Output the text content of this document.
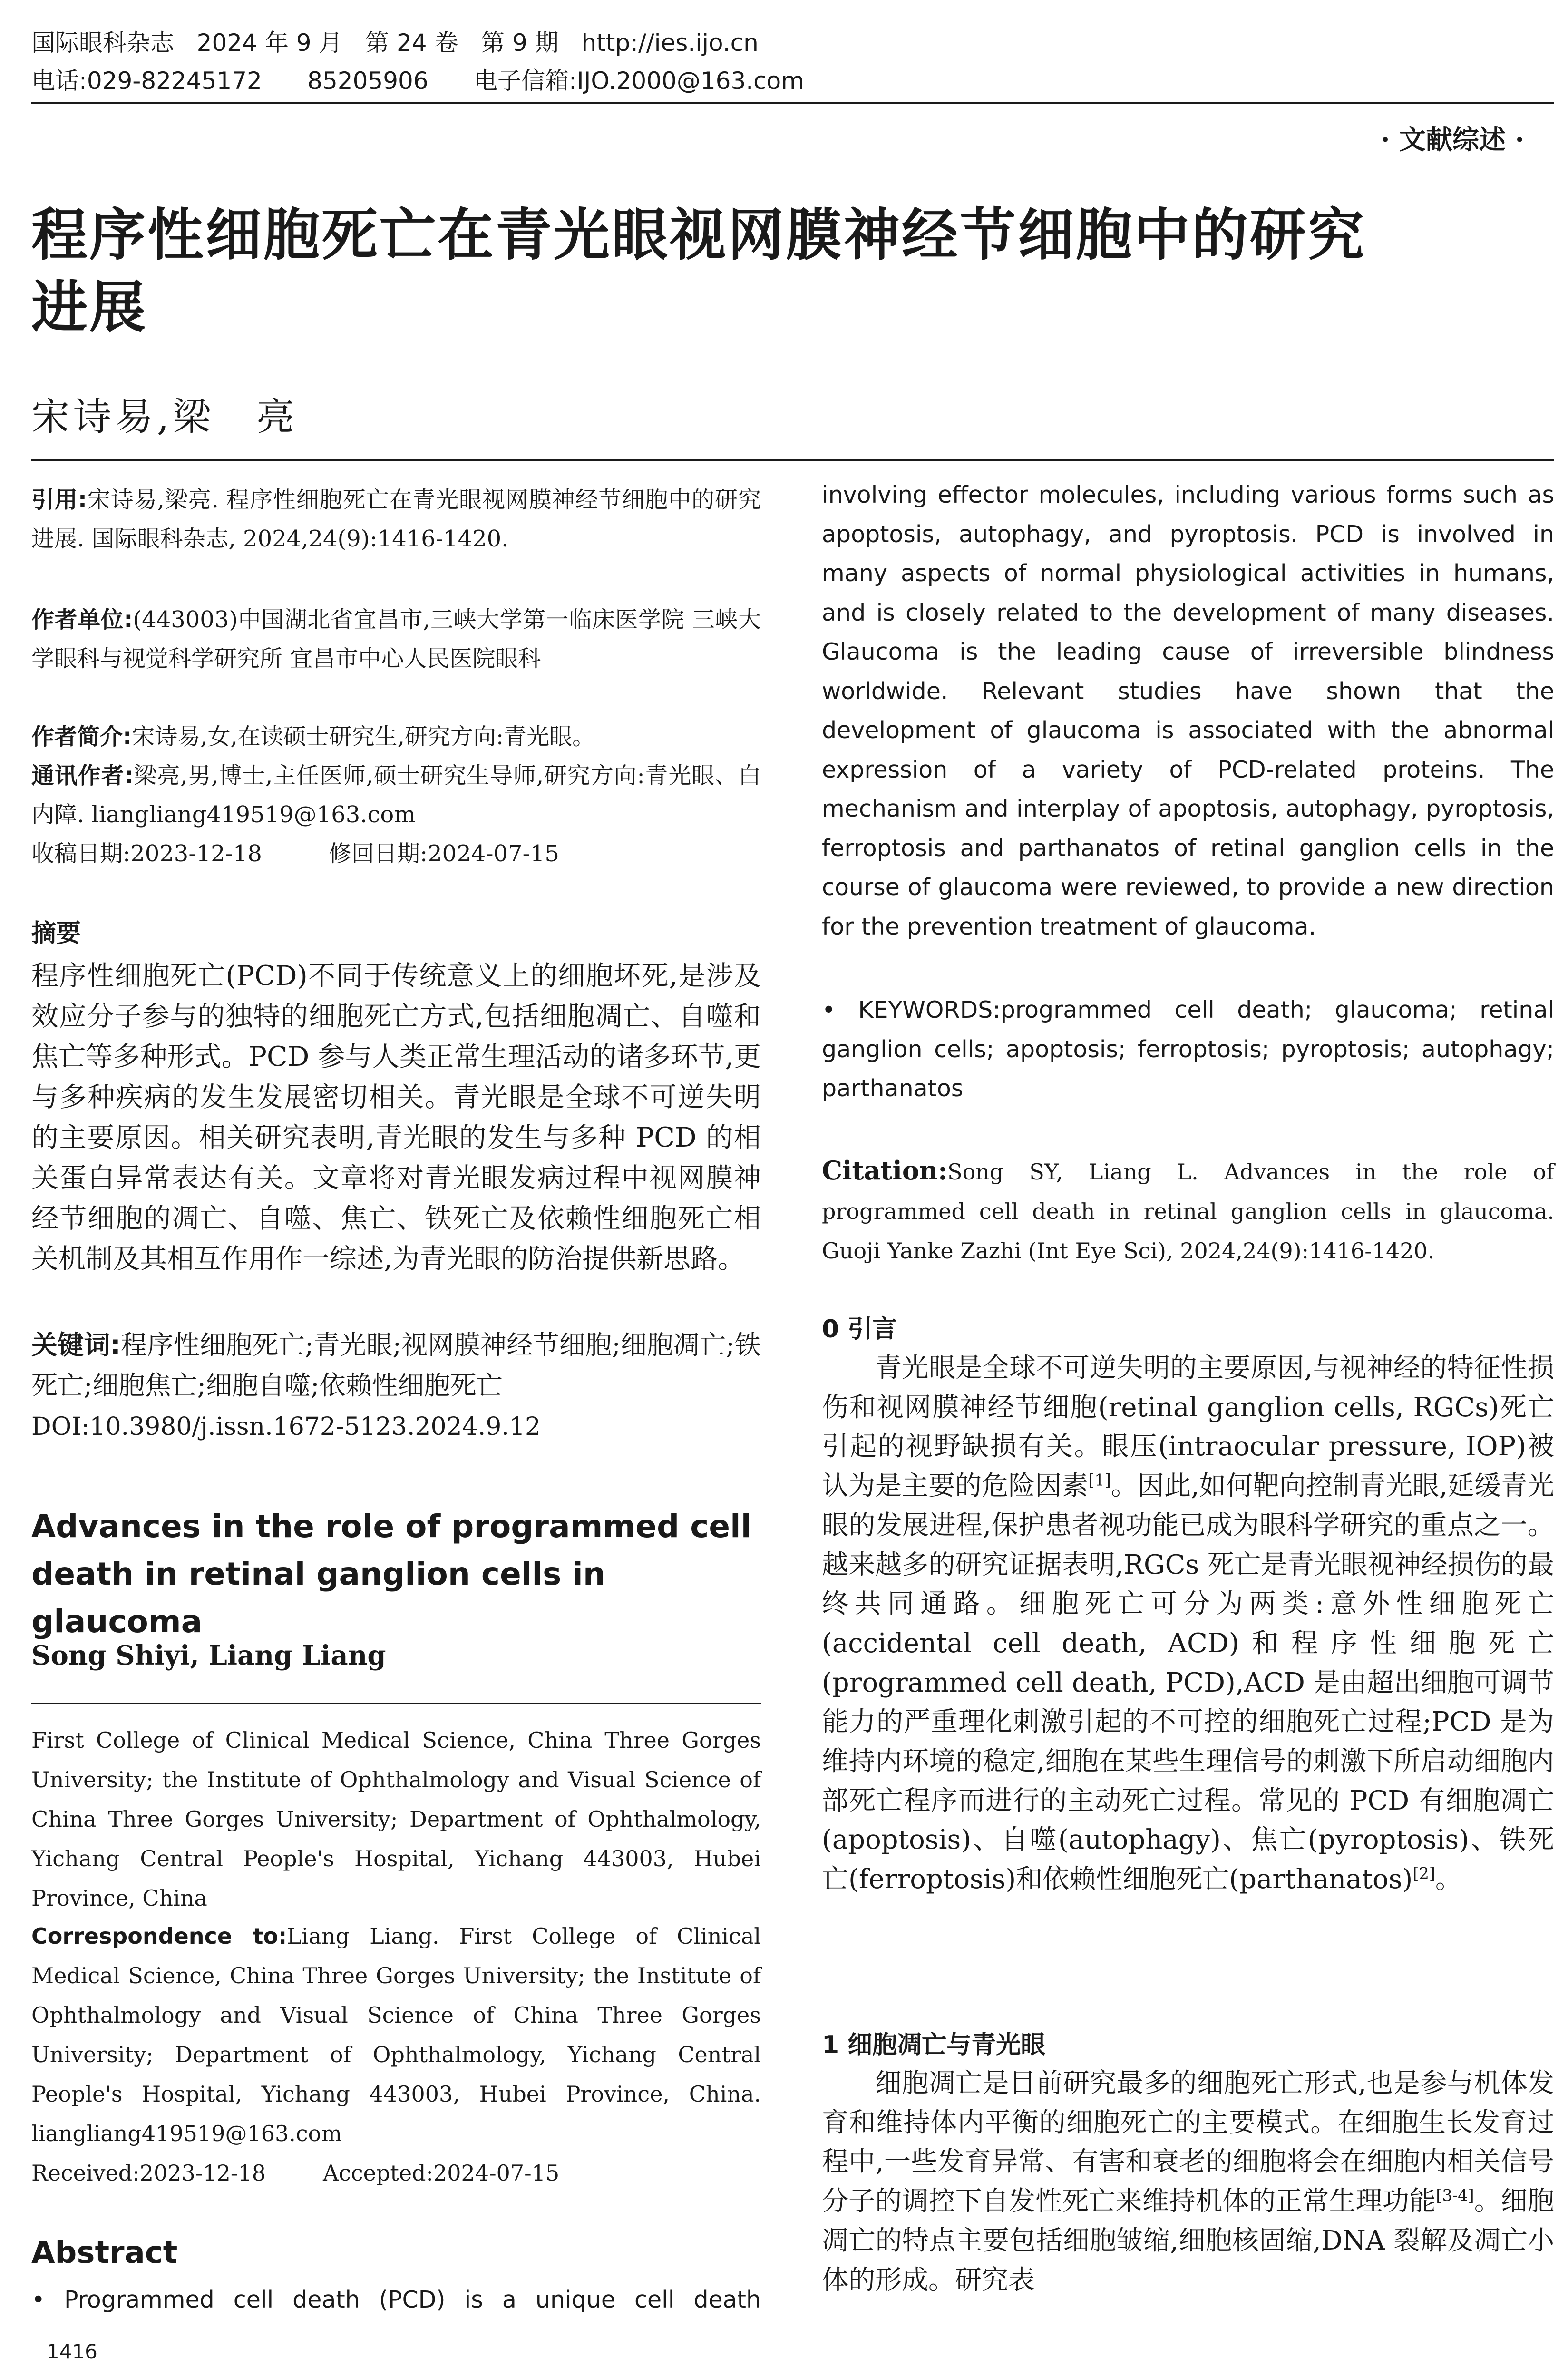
国际眼科杂志   2024 年 9 月   第 24 卷   第 9 期   http://ies.ijo.cn
电话:029-82245172      85205906      电子信箱:IJO.2000@163.com
· 文献综述 ·
程序性细胞死亡在青光眼视网膜神经节细胞中的研究
进展
宋诗易,梁　亮
引用:宋诗易,梁亮. 程序性细胞死亡在青光眼视网膜神经节细胞中的研究进展. 国际眼科杂志, 2024,24(9):1416-1420.
作者单位:(443003)中国湖北省宜昌市,三峡大学第一临床医学院 三峡大学眼科与视觉科学研究所 宜昌市中心人民医院眼科
作者简介:宋诗易,女,在读硕士研究生,研究方向:青光眼。
通讯作者:梁亮,男,博士,主任医师,硕士研究生导师,研究方向:青光眼、白内障. liangliang419519@163.com
收稿日期:2023-12-18	修回日期:2024-07-15
摘要
程序性细胞死亡(PCD)不同于传统意义上的细胞坏死,是涉及效应分子参与的独特的细胞死亡方式,包括细胞凋亡、自噬和焦亡等多种形式。PCD 参与人类正常生理活动的诸多环节,更与多种疾病的发生发展密切相关。青光眼是全球不可逆失明的主要原因。相关研究表明,青光眼的发生与多种 PCD 的相关蛋白异常表达有关。文章将对青光眼发病过程中视网膜神经节细胞的凋亡、自噬、焦亡、铁死亡及依赖性细胞死亡相关机制及其相互作用作一综述,为青光眼的防治提供新思路。
关键词:程序性细胞死亡;青光眼;视网膜神经节细胞;细胞凋亡;铁死亡;细胞焦亡;细胞自噬;依赖性细胞死亡
DOI:10.3980/j.issn.1672-5123.2024.9.12
Advances in the role of programmed cell
death in retinal ganglion cells in glaucoma
Song Shiyi, Liang Liang
First College of Clinical Medical Science, China Three Gorges University; the Institute of Ophthalmology and Visual Science of China Three Gorges University; Department of Ophthalmology, Yichang Central People's Hospital, Yichang 443003, Hubei Province, China
Correspondence to:Liang Liang. First College of Clinical Medical Science, China Three Gorges University; the Institute of Ophthalmology and Visual Science of China Three Gorges University; Department of Ophthalmology, Yichang Central People's Hospital, Yichang 443003, Hubei Province, China. liangliang419519@163.com
Received:2023-12-18	Accepted:2024-07-15
Abstract
• Programmed cell death (PCD) is a unique cell death
1416
involving effector molecules, including various forms such as apoptosis, autophagy, and pyroptosis. PCD is involved in many aspects of normal physiological activities in humans, and is closely related to the development of many diseases. Glaucoma is the leading cause of irreversible blindness worldwide. Relevant studies have shown that the development of glaucoma is associated with the abnormal expression of a variety of PCD-related proteins. The mechanism and interplay of apoptosis, autophagy, pyroptosis, ferroptosis and parthanatos of retinal ganglion cells in the course of glaucoma were reviewed, to provide a new direction for the prevention treatment of glaucoma.
• KEYWORDS:programmed cell death; glaucoma; retinal ganglion cells; apoptosis; ferroptosis; pyroptosis; autophagy; parthanatos
Citation:Song SY, Liang L. Advances in the role of programmed cell death in retinal ganglion cells in glaucoma. Guoji Yanke Zazhi (Int Eye Sci), 2024,24(9):1416-1420.
0 引言
青光眼是全球不可逆失明的主要原因,与视神经的特征性损伤和视网膜神经节细胞(retinal ganglion cells, RGCs)死亡引起的视野缺损有关。眼压(intraocular pressure, IOP)被认为是主要的危险因素[1]。因此,如何靶向控制青光眼,延缓青光眼的发展进程,保护患者视功能已成为眼科学研究的重点之一。越来越多的研究证据表明,RGCs 死亡是青光眼视神经损伤的最终共同通路。细胞死亡可分为两类:意外性细胞死亡(accidental cell death, ACD)和程序性细胞死亡(programmed cell death, PCD),ACD 是由超出细胞可调节能力的严重理化刺激引起的不可控的细胞死亡过程;PCD 是为维持内环境的稳定,细胞在某些生理信号的刺激下所启动细胞内部死亡程序而进行的主动死亡过程。常见的 PCD 有细胞凋亡(apoptosis)、自噬(autophagy)、焦亡(pyroptosis)、铁死亡(ferroptosis)和依赖性细胞死亡(parthanatos)[2]。
1 细胞凋亡与青光眼
细胞凋亡是目前研究最多的细胞死亡形式,也是参与机体发育和维持体内平衡的细胞死亡的主要模式。在细胞生长发育过程中,一些发育异常、有害和衰老的细胞将会在细胞内相关信号分子的调控下自发性死亡来维持机体的正常生理功能[3-4]。细胞凋亡的特点主要包括细胞皱缩,细胞核固缩,DNA 裂解及凋亡小体的形成。研究表
